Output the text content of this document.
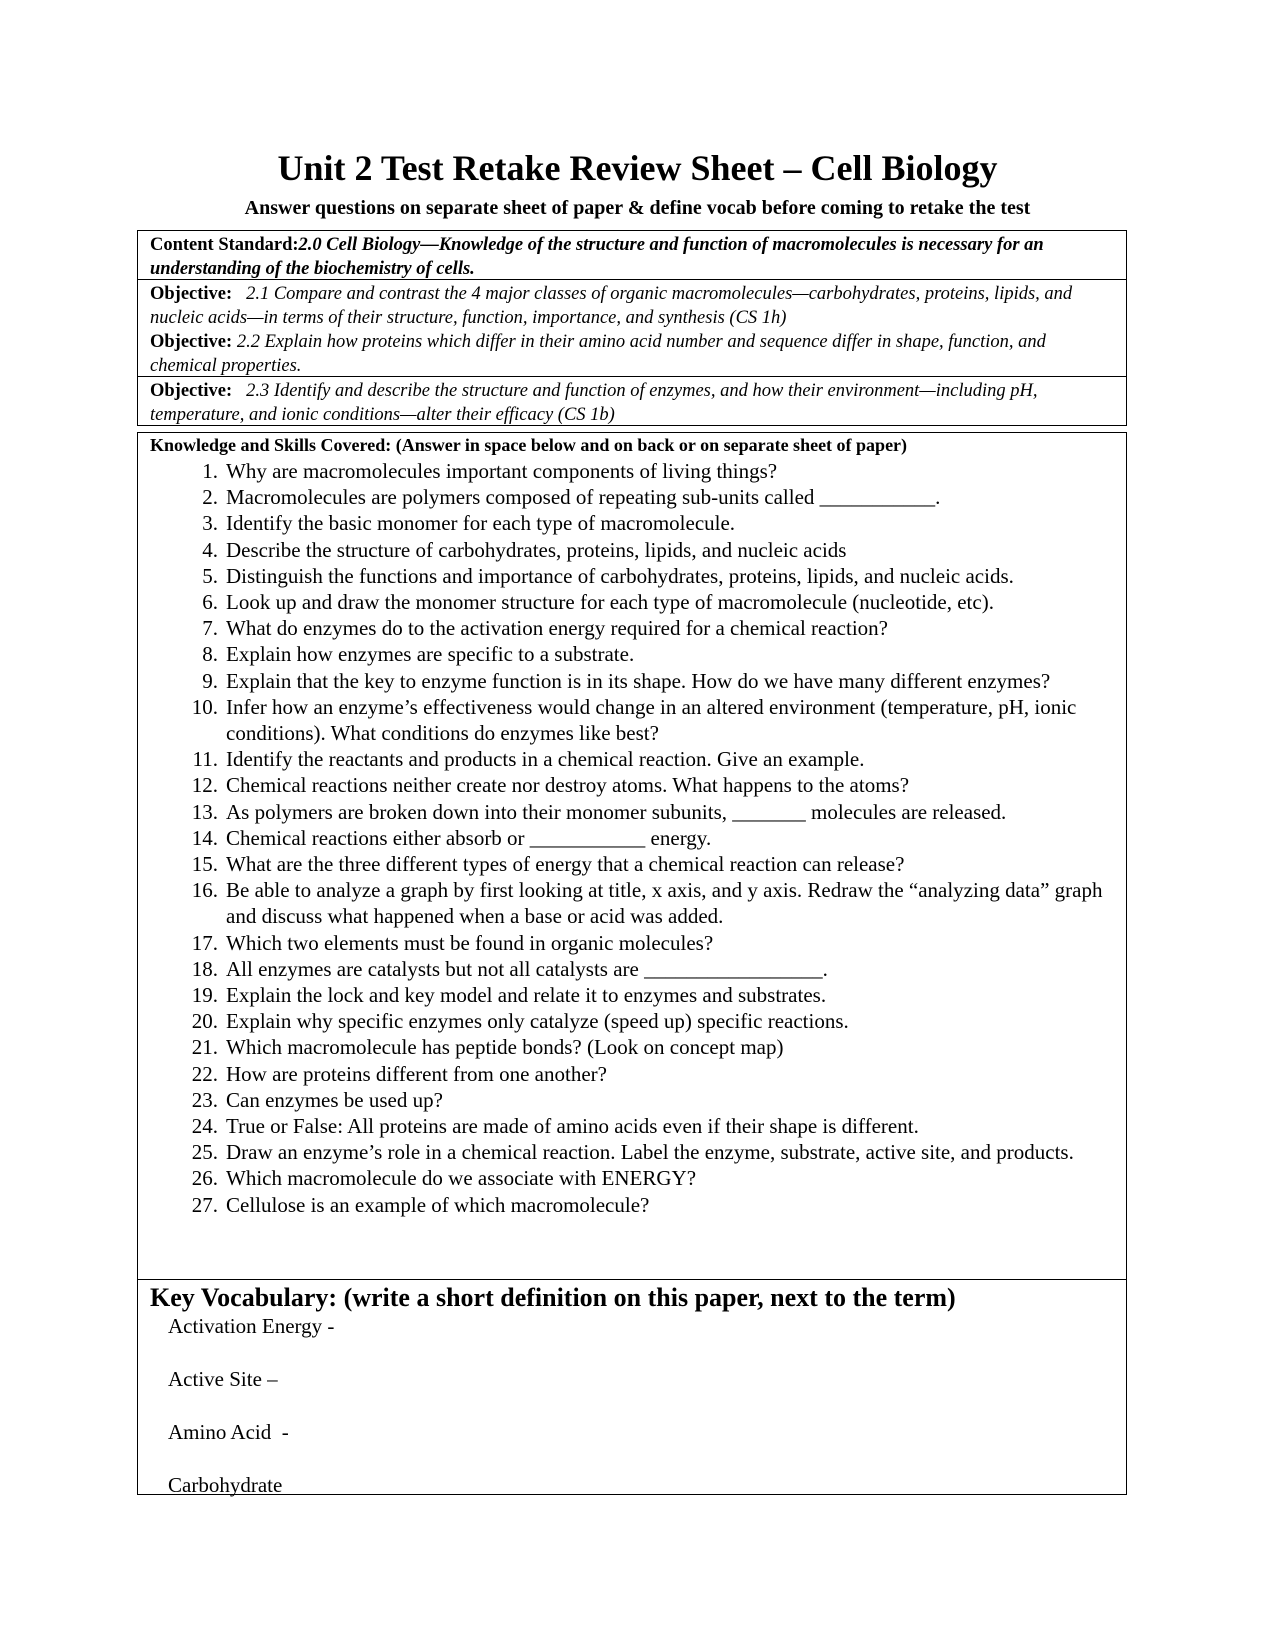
Unit 2 Test Retake Review Sheet – Cell Biology
Answer questions on separate sheet of paper & define vocab before coming to retake the test
Content Standard:2.0 Cell Biology—Knowledge of the structure and function of macromolecules is necessary for an understanding of the biochemistry of cells.
Objective: 2.1 Compare and contrast the 4 major classes of organic macromolecules—carbohydrates, proteins, lipids, and nucleic acids—in terms of their structure, function, importance, and synthesis (CS 1h)
Objective: 2.2 Explain how proteins which differ in their amino acid number and sequence differ in shape, function, and chemical properties.
Objective: 2.3 Identify and describe the structure and function of enzymes, and how their environment—including pH, temperature, and ionic conditions—alter their efficacy (CS 1b)
Knowledge and Skills Covered: (Answer in space below and on back or on separate sheet of paper)
1. Why are macromolecules important components of living things?
2. Macromolecules are polymers composed of repeating sub-units called ___________.
3. Identify the basic monomer for each type of macromolecule.
4. Describe the structure of carbohydrates, proteins, lipids, and nucleic acids
5. Distinguish the functions and importance of carbohydrates, proteins, lipids, and nucleic acids.
6. Look up and draw the monomer structure for each type of macromolecule (nucleotide, etc).
7. What do enzymes do to the activation energy required for a chemical reaction?
8. Explain how enzymes are specific to a substrate.
9. Explain that the key to enzyme function is in its shape. How do we have many different enzymes?
10. Infer how an enzyme’s effectiveness would change in an altered environment (temperature, pH, ionic conditions). What conditions do enzymes like best?
11. Identify the reactants and products in a chemical reaction. Give an example.
12. Chemical reactions neither create nor destroy atoms. What happens to the atoms?
13. As polymers are broken down into their monomer subunits, _______ molecules are released.
14. Chemical reactions either absorb or ___________ energy.
15. What are the three different types of energy that a chemical reaction can release?
16. Be able to analyze a graph by first looking at title, x axis, and y axis. Redraw the “analyzing data” graph and discuss what happened when a base or acid was added.
17. Which two elements must be found in organic molecules?
18. All enzymes are catalysts but not all catalysts are _________________.
19. Explain the lock and key model and relate it to enzymes and substrates.
20. Explain why specific enzymes only catalyze (speed up) specific reactions.
21. Which macromolecule has peptide bonds? (Look on concept map)
22. How are proteins different from one another?
23. Can enzymes be used up?
24. True or False: All proteins are made of amino acids even if their shape is different.
25. Draw an enzyme’s role in a chemical reaction. Label the enzyme, substrate, active site, and products.
26. Which macromolecule do we associate with ENERGY?
27. Cellulose is an example of which macromolecule?
Key Vocabulary: (write a short definition on this paper, next to the term)
Activation Energy -
Active Site –
Amino Acid  -
Carbohydrate
